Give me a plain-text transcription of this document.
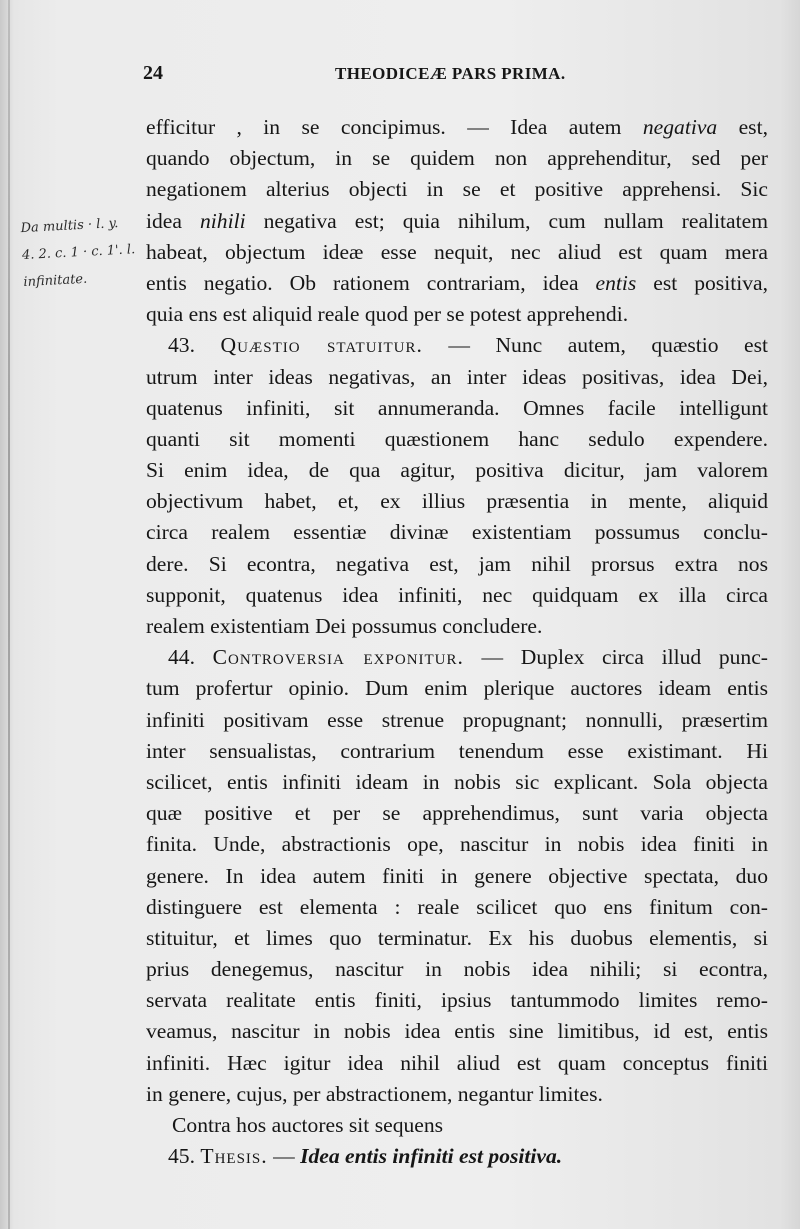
24	THEODICEÆ PARS PRIMA.
Da multis · l. y.
4. 2. c. 1 · c. 1'. l.
infinitate.
efficitur , in se concipimus. — Idea autem negativa est,
quando objectum, in se quidem non apprehenditur, sed per
negationem alterius objecti in se et positive apprehensi. Sic
idea nihili negativa est; quia nihilum, cum nullam realitatem
habeat, objectum ideæ esse nequit, nec aliud est quam mera
entis negatio. Ob rationem contrariam, idea entis est positiva,
quia ens est aliquid reale quod per se potest apprehendi.
43. Quæstio statuitur. — Nunc autem, quæstio est
utrum inter ideas negativas, an inter ideas positivas, idea Dei,
quatenus infiniti, sit annumeranda. Omnes facile intelligunt
quanti sit momenti quæstionem hanc sedulo expendere.
Si enim idea, de qua agitur, positiva dicitur, jam valorem
objectivum habet, et, ex illius præsentia in mente, aliquid
circa realem essentiæ divinæ existentiam possumus conclu-
dere. Si econtra, negativa est, jam nihil prorsus extra nos
supponit, quatenus idea infiniti, nec quidquam ex illa circa
realem existentiam Dei possumus concludere.
44. Controversia exponitur. — Duplex circa illud punc-
tum profertur opinio. Dum enim plerique auctores ideam entis
infiniti positivam esse strenue propugnant; nonnulli, præsertim
inter sensualistas, contrarium tenendum esse existimant. Hi
scilicet, entis infiniti ideam in nobis sic explicant. Sola objecta
quæ positive et per se apprehendimus, sunt varia objecta
finita. Unde, abstractionis ope, nascitur in nobis idea finiti in
genere. In idea autem finiti in genere objective spectata, duo
distinguere est elementa : reale scilicet quo ens finitum con-
stituitur, et limes quo terminatur. Ex his duobus elementis, si
prius denegemus, nascitur in nobis idea nihili; si econtra,
servata realitate entis finiti, ipsius tantummodo limites remo-
veamus, nascitur in nobis idea entis sine limitibus, id est, entis
infiniti. Hæc igitur idea nihil aliud est quam conceptus finiti
in genere, cujus, per abstractionem, negantur limites.
Contra hos auctores sit sequens
45. Thesis. — Idea entis infiniti est positiva.
